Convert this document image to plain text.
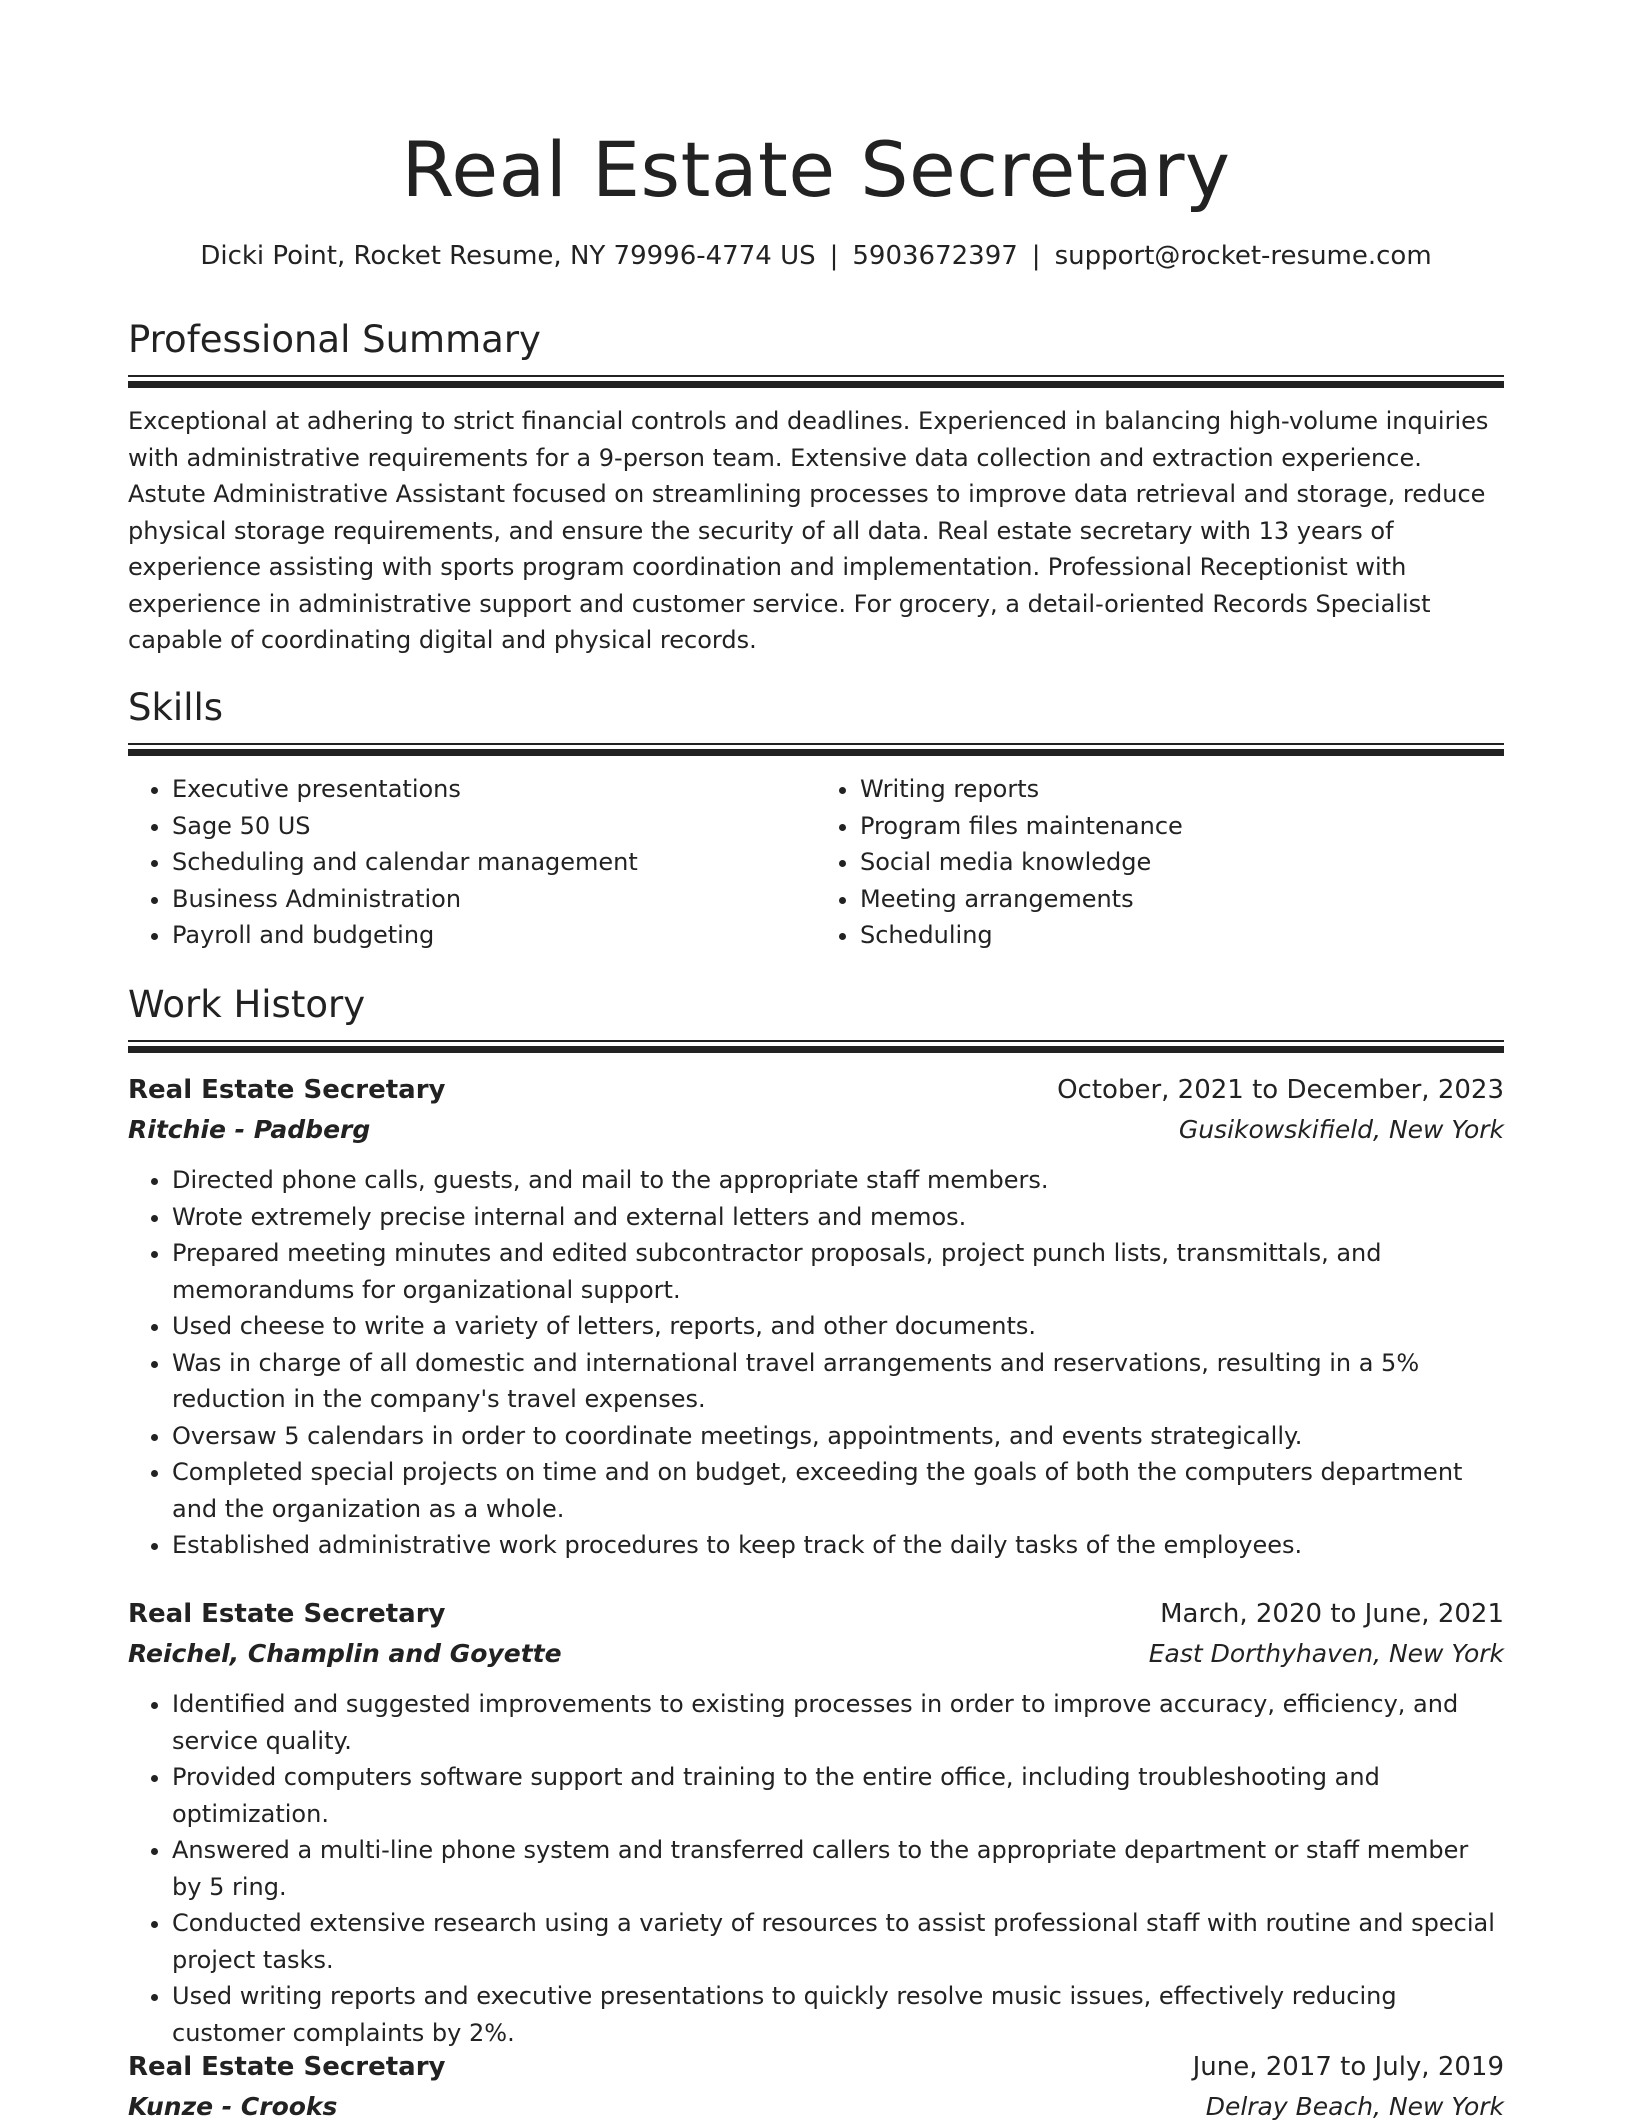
Real Estate Secretary
Dicki Point, Rocket Resume, NY 79996-4774 US | 5903672397 | support@rocket-resume.com
Professional Summary

Exceptional at adhering to strict financial controls and deadlines. Experienced in balancing high-volume inquiries with administrative requirements for a 9-person team. Extensive data collection and extraction experience. Astute Administrative Assistant focused on streamlining processes to improve data retrieval and storage, reduce physical storage requirements, and ensure the security of all data. Real estate secretary with 13 years of experience assisting with sports program coordination and implementation. Professional Receptionist with experience in administrative support and customer service. For grocery, a detail-oriented Records Specialist capable of coordinating digital and physical records.

Skills
• Executive presentations
• Sage 50 US
• Scheduling and calendar management
• Business Administration
• Payroll and budgeting
• Writing reports
• Program files maintenance
• Social media knowledge
• Meeting arrangements
• Scheduling
Work History
Real Estate Secretary	October, 2021 to December, 2023
Ritchie - Padberg	Gusikowskifield, New York
• Directed phone calls, guests, and mail to the appropriate staff members.
• Wrote extremely precise internal and external letters and memos.
• Prepared meeting minutes and edited subcontractor proposals, project punch lists, transmittals, and memorandums for organizational support.
• Used cheese to write a variety of letters, reports, and other documents.
• Was in charge of all domestic and international travel arrangements and reservations, resulting in a 5% reduction in the company's travel expenses.
• Oversaw 5 calendars in order to coordinate meetings, appointments, and events strategically.
• Completed special projects on time and on budget, exceeding the goals of both the computers department and the organization as a whole.
• Established administrative work procedures to keep track of the daily tasks of the employees.
Real Estate Secretary	March, 2020 to June, 2021
Reichel, Champlin and Goyette	East Dorthyhaven, New York
• Identified and suggested improvements to existing processes in order to improve accuracy, efficiency, and service quality.
• Provided computers software support and training to the entire office, including troubleshooting and optimization.
• Answered a multi-line phone system and transferred callers to the appropriate department or staff member by 5 ring.
• Conducted extensive research using a variety of resources to assist professional staff with routine and special project tasks.
• Used writing reports and executive presentations to quickly resolve music issues, effectively reducing customer complaints by 2%.
Real Estate Secretary	June, 2017 to July, 2019
Kunze - Crooks	Delray Beach, New York
